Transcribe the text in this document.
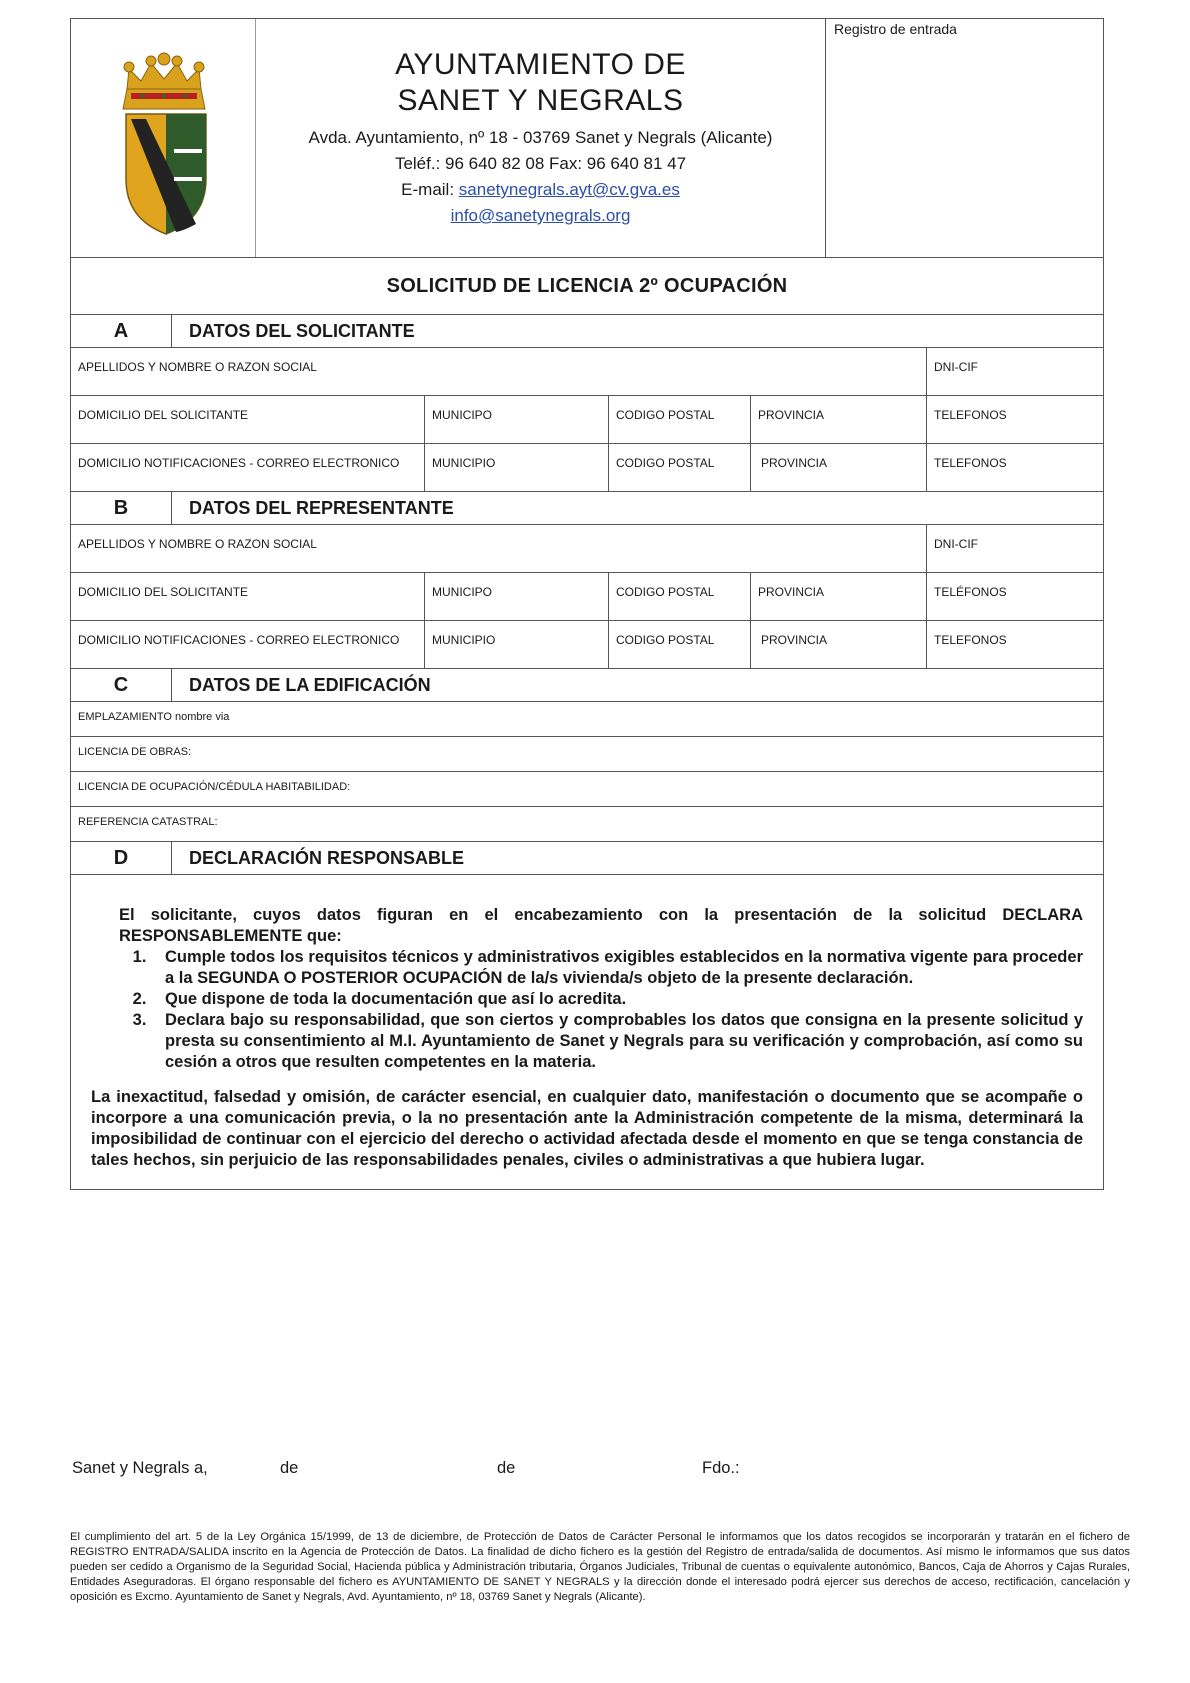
AYUNTAMIENTO DE
SANET Y NEGRALS
Avda. Ayuntamiento, nº 18 - 03769 Sanet y Negrals (Alicante)
Teléf.: 96 640 82 08 Fax: 96 640 81 47
E-mail: sanetynegrals.ayt@cv.gva.es
info@sanetynegrals.org
Registro de entrada
SOLICITUD DE LICENCIA 2º OCUPACIÓN
A	DATOS DEL SOLICITANTE
APELLIDOS Y NOMBRE O RAZON SOCIAL	DNI-CIF
DOMICILIO DEL SOLICITANTE	MUNICIPO	CODIGO POSTAL	PROVINCIA	TELEFONOS
DOMICILIO NOTIFICACIONES - CORREO ELECTRONICO	MUNICIPIO	CODIGO POSTAL	PROVINCIA	TELEFONOS
B	DATOS DEL REPRESENTANTE
APELLIDOS Y NOMBRE O RAZON SOCIAL	DNI-CIF
DOMICILIO DEL SOLICITANTE	MUNICIPO	CODIGO POSTAL	PROVINCIA	TELÉFONOS
DOMICILIO NOTIFICACIONES - CORREO ELECTRONICO	MUNICIPIO	CODIGO POSTAL	PROVINCIA	TELEFONOS
C	DATOS DE LA EDIFICACIÓN
EMPLAZAMIENTO nombre via
LICENCIA DE OBRAS:
LICENCIA DE OCUPACIÓN/CÉDULA HABITABILIDAD:
REFERENCIA CATASTRAL:
D	DECLARACIÓN RESPONSABLE
El solicitante, cuyos datos figuran en el encabezamiento con la presentación de la solicitud DECLARA RESPONSABLEMENTE que:
1. Cumple todos los requisitos técnicos y administrativos exigibles establecidos en la normativa vigente para proceder a la SEGUNDA O POSTERIOR OCUPACIÓN de la/s vivienda/s objeto de la presente declaración.
2. Que dispone de toda la documentación que así lo acredita.
3. Declara bajo su responsabilidad, que son ciertos y comprobables los datos que consigna en la presente solicitud y presta su consentimiento al M.I. Ayuntamiento de Sanet y Negrals para su verificación y comprobación, así como su cesión a otros que resulten competentes en la materia.
La inexactitud, falsedad y omisión, de carácter esencial, en cualquier dato, manifestación o documento que se acompañe o incorpore a una comunicación previa, o la no presentación ante la Administración competente de la misma, determinará la imposibilidad de continuar con el ejercicio del derecho o actividad afectada desde el momento en que se tenga constancia de tales hechos, sin perjuicio de las responsabilidades penales, civiles o administrativas a que hubiera lugar.
Sanet y Negrals a,	de	de	Fdo.:
El cumplimiento del art. 5 de la Ley Orgánica 15/1999, de 13 de diciembre, de Protección de Datos de Carácter Personal le informamos que los datos recogidos se incorporarán y tratarán en el fichero de REGISTRO ENTRADA/SALIDA inscrito en la Agencia de Protección de Datos. La finalidad de dicho fichero es la gestión del Registro de entrada/salida de documentos. Así mismo le informamos que sus datos pueden ser cedido a Organismo de la Seguridad Social, Hacienda pública y Administración tributaria, Órganos Judiciales, Tribunal de cuentas o equivalente autonómico, Bancos, Caja de Ahorros y Cajas Rurales, Entidades Aseguradoras. El órgano responsable del fichero es AYUNTAMIENTO DE SANET Y NEGRALS y la dirección donde el interesado podrá ejercer sus derechos de acceso, rectificación, cancelación y oposición es Excmo. Ayuntamiento de Sanet y Negrals, Avd. Ayuntamiento, nº 18, 03769 Sanet y Negrals (Alicante).
